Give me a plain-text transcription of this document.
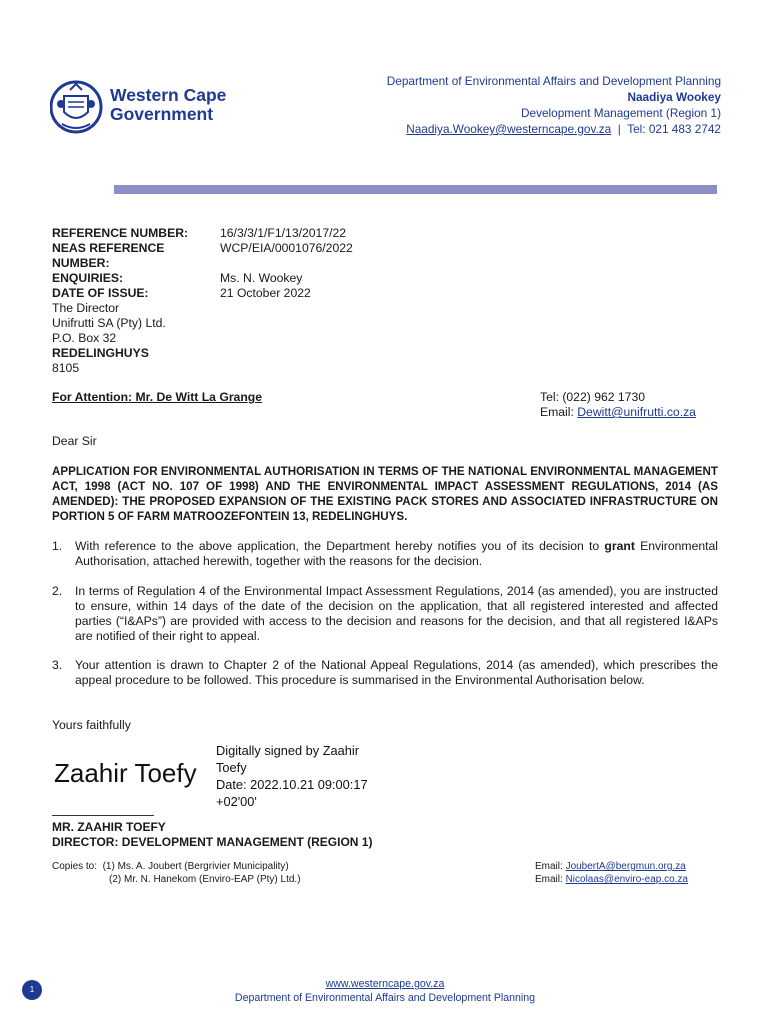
Western Cape
Government
Department of Environmental Affairs and Development Planning
Naadiya Wookey
Development Management (Region 1)
Naadiya.Wookey@westerncape.gov.za | Tel: 021 483 2742
REFERENCE NUMBER:	16/3/3/1/F1/13/2017/22
NEAS REFERENCE NUMBER:
WCP/EIA/0001076/2022
ENQUIRIES:	Ms. N. Wookey
DATE OF ISSUE:	21 October 2022
The Director
Unifrutti SA (Pty) Ltd.
P.O. Box 32
REDELINGHUYS
8105
For Attention: Mr. De Witt La Grange	Tel: (022) 962 1730
Email: Dewitt@unifrutti.co.za
Dear Sir
APPLICATION FOR ENVIRONMENTAL AUTHORISATION IN TERMS OF THE NATIONAL ENVIRONMENTAL MANAGEMENT ACT, 1998 (ACT NO. 107 OF 1998) AND THE ENVIRONMENTAL IMPACT ASSESSMENT REGULATIONS, 2014 (AS AMENDED): THE PROPOSED EXPANSION OF THE EXISTING PACK STORES AND ASSOCIATED INFRASTRUCTURE ON PORTION 5 OF FARM MATROOZEFONTEIN 13, REDELINGHUYS.
1. With reference to the above application, the Department hereby notifies you of its decision to grant Environmental Authorisation, attached herewith, together with the reasons for the decision.
2. In terms of Regulation 4 of the Environmental Impact Assessment Regulations, 2014 (as amended), you are instructed to ensure, within 14 days of the date of the decision on the application, that all registered interested and affected parties (“I&APs”) are provided with access to the decision and reasons for the decision, and that all registered I&APs are notified of their right to appeal.
3. Your attention is drawn to Chapter 2 of the National Appeal Regulations, 2014 (as amended), which prescribes the appeal procedure to be followed. This procedure is summarised in the Environmental Authorisation below.
Yours faithfully
Zaahir Toefy
Digitally signed by Zaahir
Toefy
Date: 2022.10.21 09:00:17
+02'00'
MR. ZAAHIR TOEFY
DIRECTOR: DEVELOPMENT MANAGEMENT (REGION 1)
Copies to: (1) Ms. A. Joubert (Bergrivier Municipality)
(2) Mr. N. Hanekom (Enviro-EAP (Pty) Ltd.)
Email: JoubertA@bergmun.org.za
Email: Nicolaas@enviro-eap.co.za
1	www.westerncape.gov.za
Department of Environmental Affairs and Development Planning
